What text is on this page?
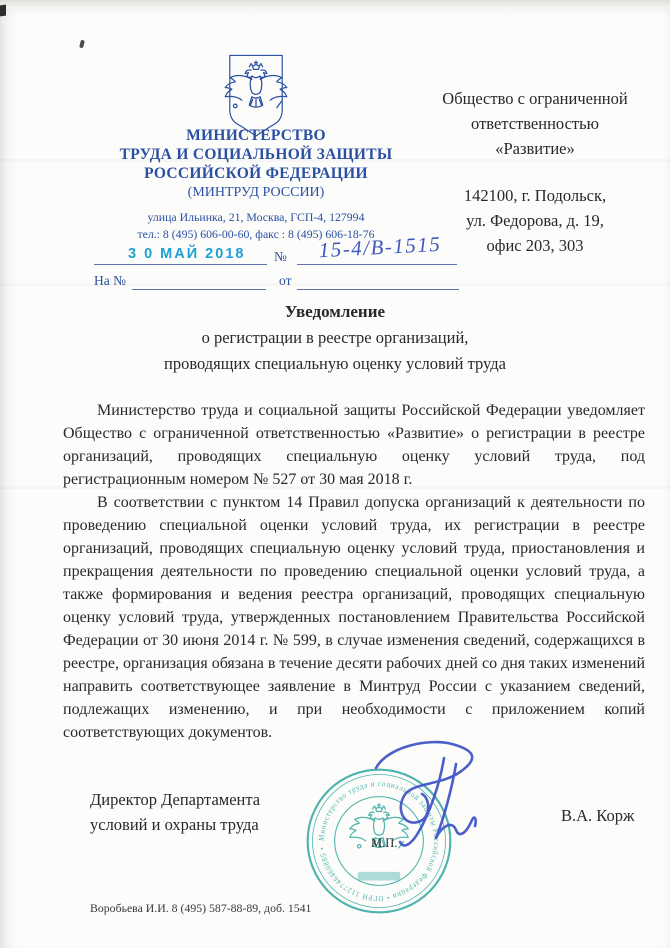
МИНИСТЕРСТВО
ТРУДА И СОЦИАЛЬНОЙ ЗАЩИТЫ
РОССИЙСКОЙ ФЕДЕРАЦИИ
(МИНТРУД РОССИИ)
улица Ильинка, 21, Москва, ГСП-4, 127994
тел.: 8 (495) 606-00-60, факс : 8 (495) 606-18-76
3 0 МАЙ 2018 №	15-4/В-1515
На №	от
Общество с ограниченной
ответственностью
«Развитие»
142100, г. Подольск,
ул. Федорова, д. 19,
офис 203, 303
Уведомление
о регистрации в реестре организаций,
проводящих специальную оценку условий труда

Министерство труда и социальной защиты Российской Федерации уведомляет Общество с ограниченной ответственностью «Развитие» о регистрации в реестре организаций, проводящих специальную оценку условий труда, под регистрационным номером № 527 от 30 мая 2018 г.

В соответствии с пунктом 14 Правил допуска организаций к деятельности по проведению специальной оценки условий труда, их регистрации в реестре организаций, проводящих специальную оценку условий труда, приостановления и прекращения деятельности по проведению специальной оценки условий труда, а также формирования и ведения реестра организаций, проводящих специальную оценку условий труда, утвержденных постановлением Правительства Российской Федерации от 30 июня 2014 г. № 599, в случае изменения сведений, содержащихся в реестре, организация обязана в течение десяти рабочих дней со дня таких изменений направить соответствующее заявление в Минтруд России с указанием сведений, подлежащих изменению, и при необходимости с приложением копий соответствующих документов.

Директор Департамента
условий и охраны труда
Министерство труда и социальной защиты Российской Федерации • ОГРН 1127746460885 •	М.П.
В.А. Корж
Воробьева И.И. 8 (495) 587-88-89, доб. 1541
